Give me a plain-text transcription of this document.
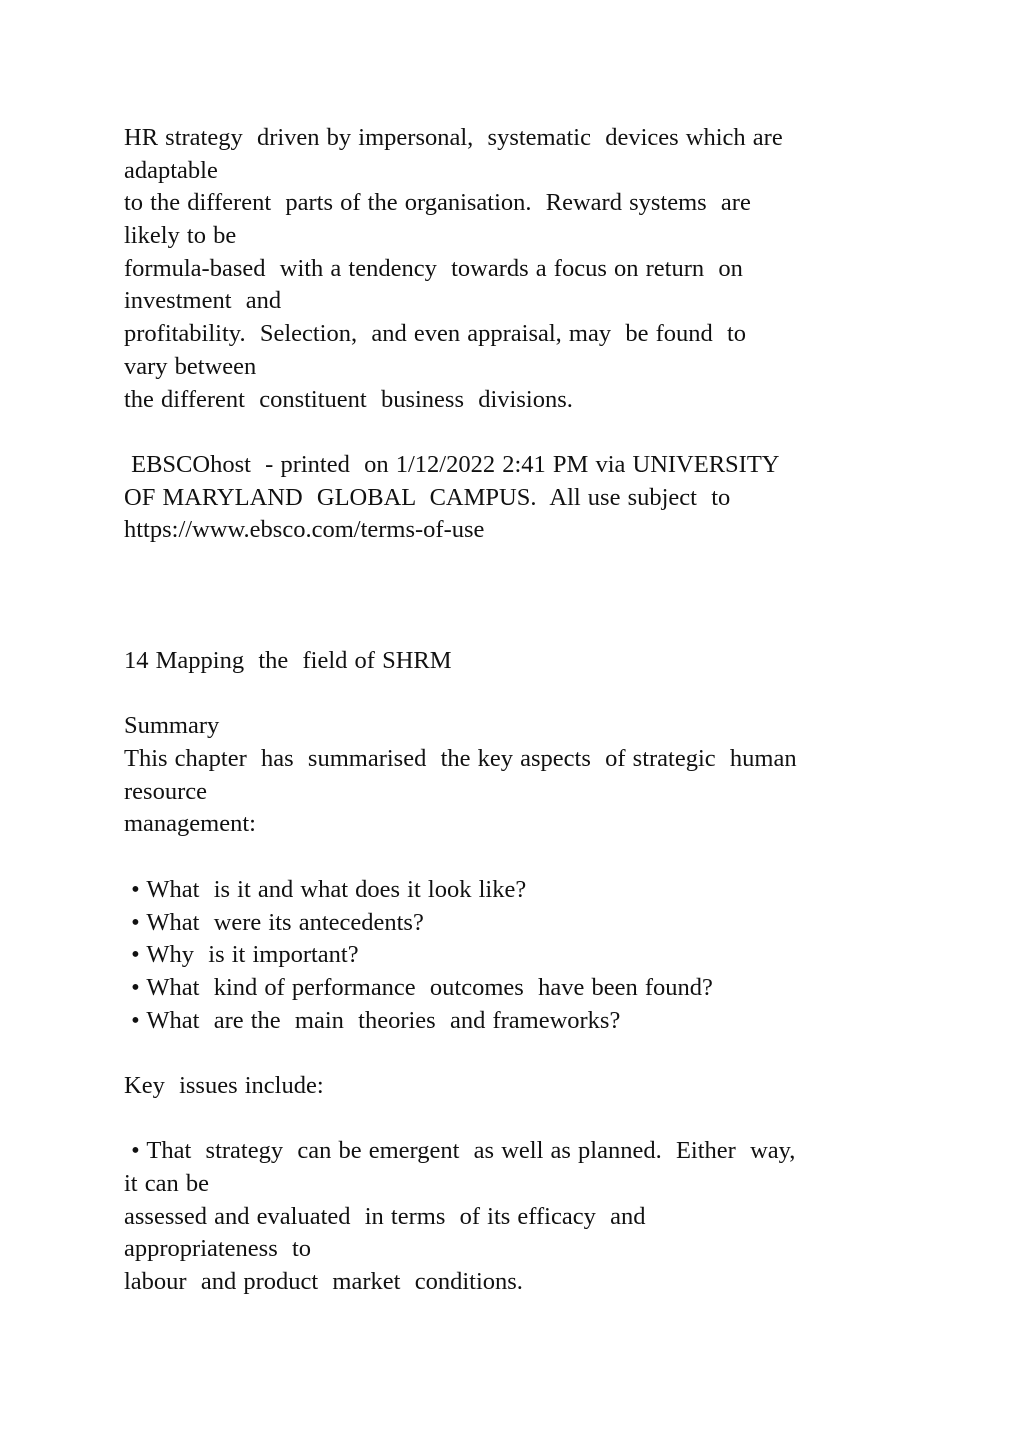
HR strategy  driven by impersonal,  systematic  devices which are
adaptable
to the different  parts of the organisation.  Reward systems  are
likely to be
formula-based  with a tendency  towards a focus on return  on
investment  and
profitability.  Selection,  and even appraisal, may  be found  to
vary between
the different  constituent  business  divisions.
EBSCOhost  - printed  on 1/12/2022 2:41 PM via UNIVERSITY
OF MARYLAND  GLOBAL  CAMPUS.  All use subject  to
https://www.ebsco.com/terms-of-use
14 Mapping  the  field of SHRM
Summary
This chapter  has  summarised  the key aspects  of strategic  human
resource
management:
• What  is it and what does it look like?
• What  were its antecedents?
• Why  is it important?
• What  kind of performance  outcomes  have been found?
• What  are the  main  theories  and frameworks?
Key  issues include:
• That  strategy  can be emergent  as well as planned.  Either  way,
it can be
assessed and evaluated  in terms  of its efficacy  and
appropriateness  to
labour  and product  market  conditions.
